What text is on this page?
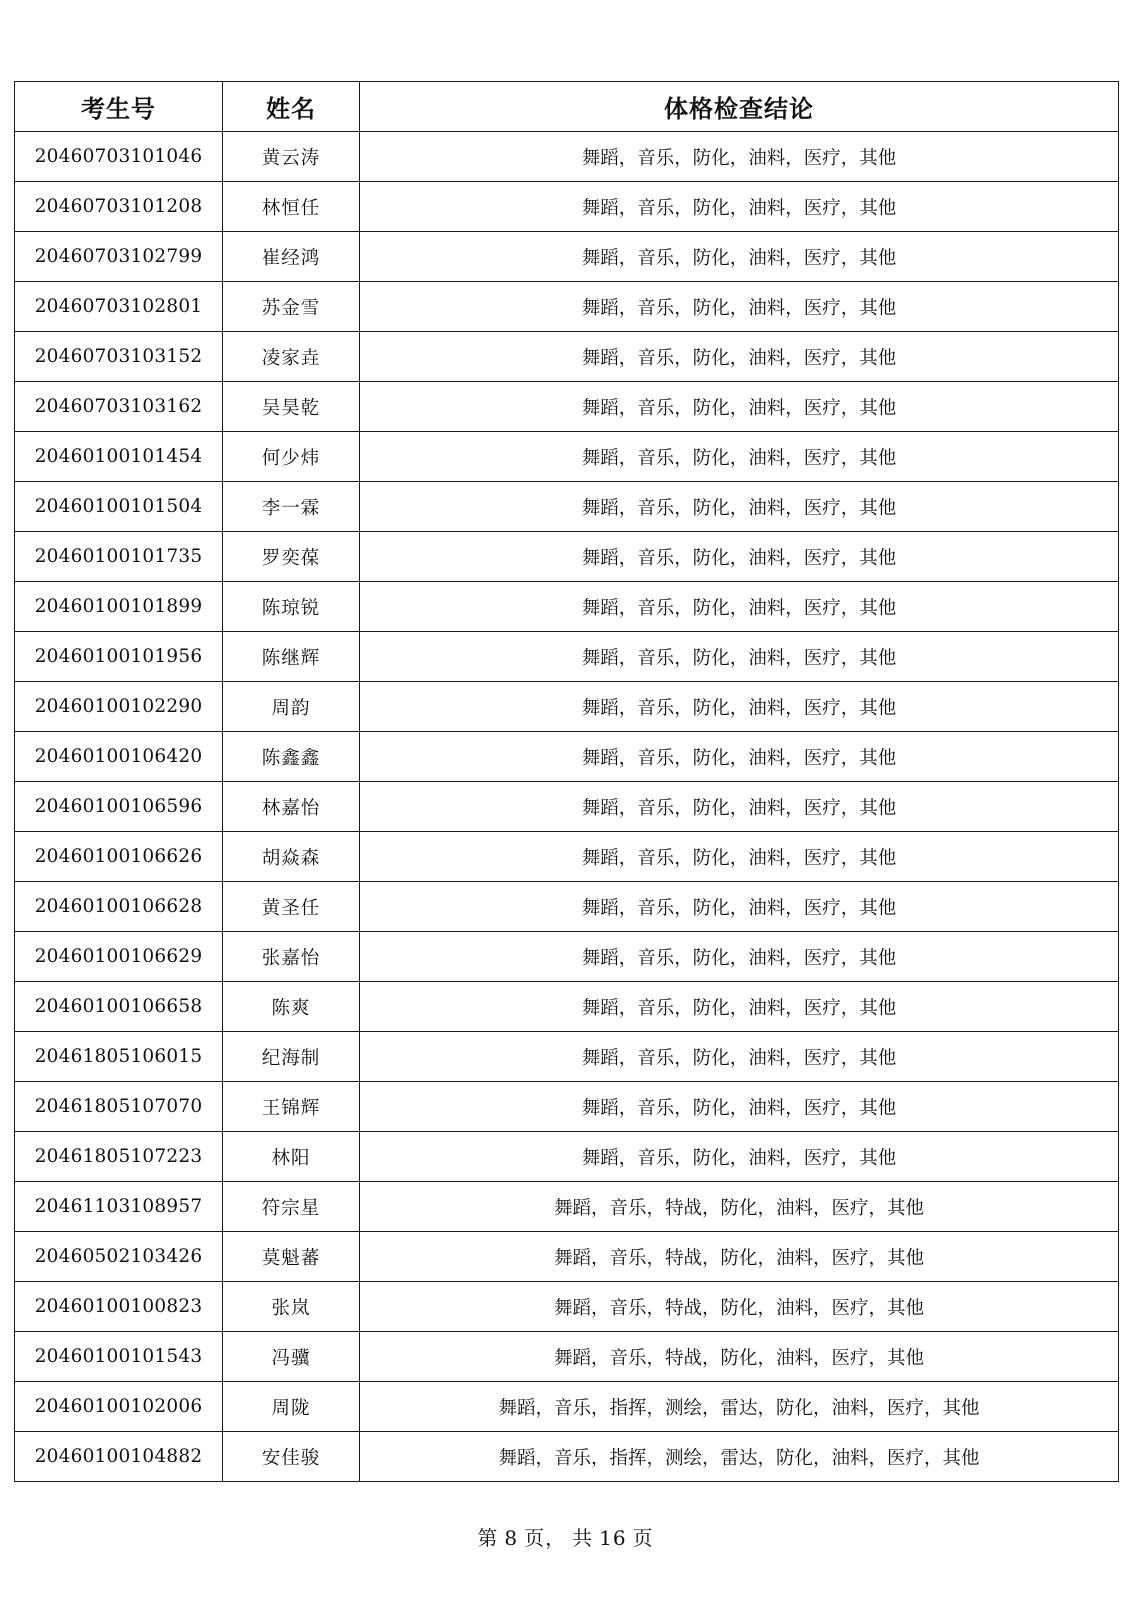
考生号	姓名	体格检查结论
20460703101046	黄云涛	舞蹈，音乐，防化，油料，医疗，其他
20460703101208	林恒任	舞蹈，音乐，防化，油料，医疗，其他
20460703102799	崔经鸿	舞蹈，音乐，防化，油料，医疗，其他
20460703102801	苏金雪	舞蹈，音乐，防化，油料，医疗，其他
20460703103152	凌家垚	舞蹈，音乐，防化，油料，医疗，其他
20460703103162	吴昊乾	舞蹈，音乐，防化，油料，医疗，其他
20460100101454	何少炜	舞蹈，音乐，防化，油料，医疗，其他
20460100101504	李一霖	舞蹈，音乐，防化，油料，医疗，其他
20460100101735	罗奕葆	舞蹈，音乐，防化，油料，医疗，其他
20460100101899	陈琼锐	舞蹈，音乐，防化，油料，医疗，其他
20460100101956	陈继辉	舞蹈，音乐，防化，油料，医疗，其他
20460100102290	周韵	舞蹈，音乐，防化，油料，医疗，其他
20460100106420	陈鑫鑫	舞蹈，音乐，防化，油料，医疗，其他
20460100106596	林嘉怡	舞蹈，音乐，防化，油料，医疗，其他
20460100106626	胡焱森	舞蹈，音乐，防化，油料，医疗，其他
20460100106628	黄圣任	舞蹈，音乐，防化，油料，医疗，其他
20460100106629	张嘉怡	舞蹈，音乐，防化，油料，医疗，其他
20460100106658	陈爽	舞蹈，音乐，防化，油料，医疗，其他
20461805106015	纪海制	舞蹈，音乐，防化，油料，医疗，其他
20461805107070	王锦辉	舞蹈，音乐，防化，油料，医疗，其他
20461805107223	林阳	舞蹈，音乐，防化，油料，医疗，其他
20461103108957	符宗星	舞蹈，音乐，特战，防化，油料，医疗，其他
20460502103426	莫魁蕃	舞蹈，音乐，特战，防化，油料，医疗，其他
20460100100823	张岚	舞蹈，音乐，特战，防化，油料，医疗，其他
20460100101543	冯骥	舞蹈，音乐，特战，防化，油料，医疗，其他
20460100102006	周陇	舞蹈，音乐，指挥，测绘，雷达，防化，油料，医疗，其他
20460100104882	安佳骏	舞蹈，音乐，指挥，测绘，雷达，防化，油料，医疗，其他
第 8 页， 共 16 页
